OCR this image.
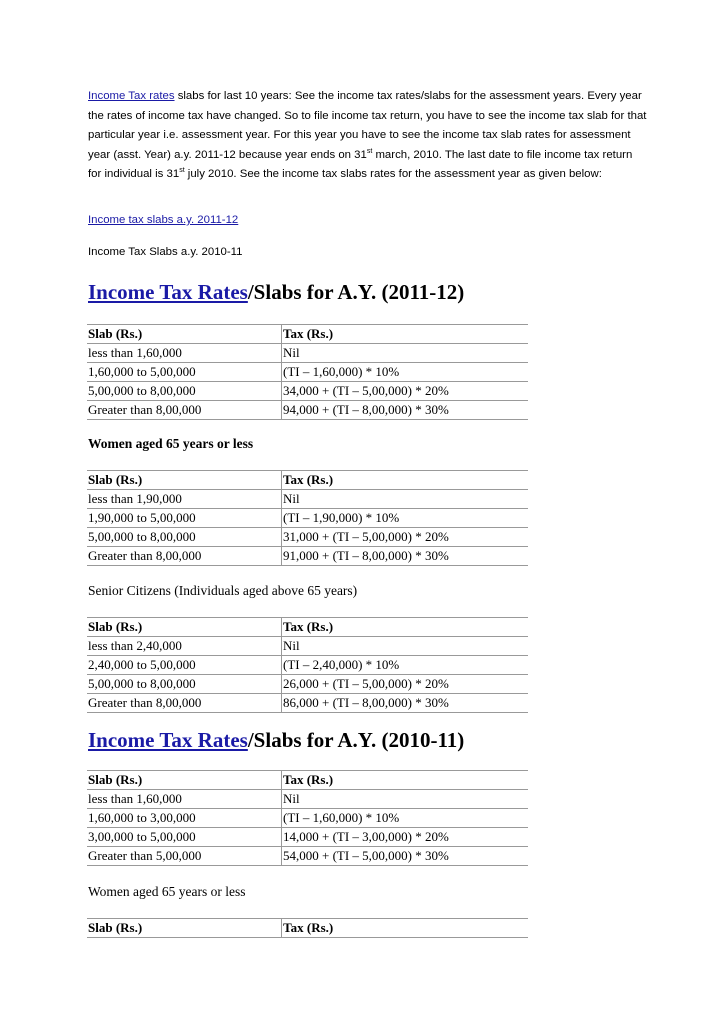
Income Tax rates slabs for last 10 years: See the income tax rates/slabs for the assessment years. Every year the rates of income tax have changed. So to file income tax return, you have to see the income tax slab for that particular year i.e. assessment year. For this year you have to see the income tax slab rates for assessment year (asst. Year) a.y. 2011-12 because year ends on 31st march, 2010. The last date to file income tax return for individual is 31st july 2010. See the income tax slabs rates for the assessment year as given below:

Income tax slabs a.y. 2011-12
Income Tax Slabs a.y. 2010-11
Income Tax Rates/Slabs for A.Y. (2011-12)
Slab (Rs.)	Tax (Rs.)
less than 1,60,000	Nil
1,60,000 to 5,00,000	(TI – 1,60,000) * 10%
5,00,000 to 8,00,000	34,000 + (TI – 5,00,000) * 20%
Greater than 8,00,000	94,000 + (TI – 8,00,000) * 30%
Women aged 65 years or less
Slab (Rs.)	Tax (Rs.)
less than 1,90,000	Nil
1,90,000 to 5,00,000	(TI – 1,90,000) * 10%
5,00,000 to 8,00,000	31,000 + (TI – 5,00,000) * 20%
Greater than 8,00,000	91,000 + (TI – 8,00,000) * 30%
Senior Citizens (Individuals aged above 65 years)
Slab (Rs.)	Tax (Rs.)
less than 2,40,000	Nil
2,40,000 to 5,00,000	(TI – 2,40,000) * 10%
5,00,000 to 8,00,000	26,000 + (TI – 5,00,000) * 20%
Greater than 8,00,000	86,000 + (TI – 8,00,000) * 30%
Income Tax Rates/Slabs for A.Y. (2010-11)
Slab (Rs.)	Tax (Rs.)
less than 1,60,000	Nil
1,60,000 to 3,00,000	(TI – 1,60,000) * 10%
3,00,000 to 5,00,000	14,000 + (TI – 3,00,000) * 20%
Greater than 5,00,000	54,000 + (TI – 5,00,000) * 30%
Women aged 65 years or less
Slab (Rs.)	Tax (Rs.)
